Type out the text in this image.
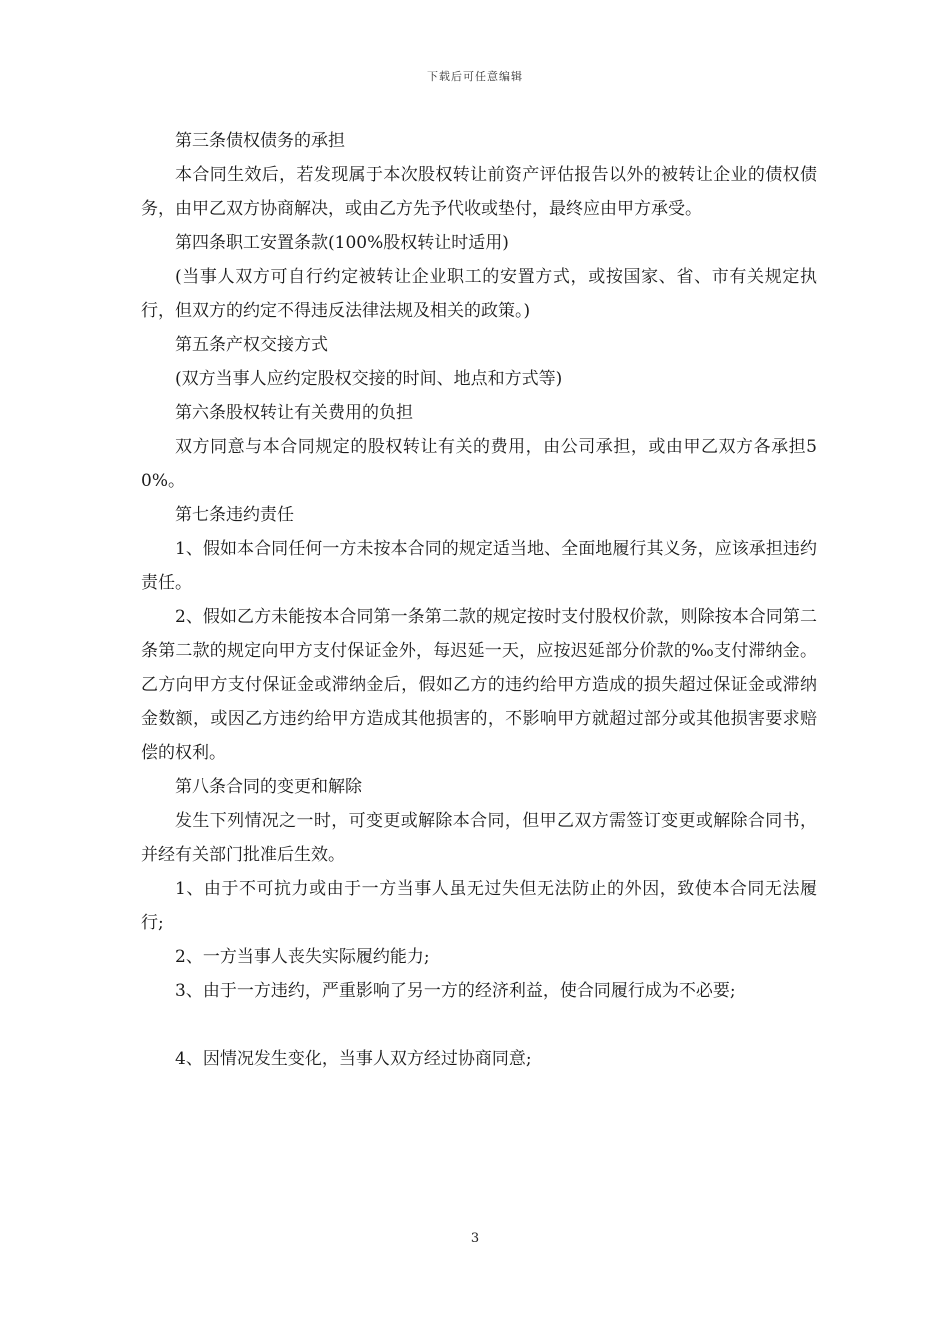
下载后可任意编辑

第三条债权债务的承担

本合同生效后，若发现属于本次股权转让前资产评估报告以外的被转让企业的债权债务，由甲乙双方协商解决，或由乙方先予代收或垫付，最终应由甲方承受。

第四条职工安置条款(100%股权转让时适用)

(当事人双方可自行约定被转让企业职工的安置方式，或按国家、省、市有关规定执行，但双方的约定不得违反法律法规及相关的政策。)

第五条产权交接方式

(双方当事人应约定股权交接的时间、地点和方式等)

第六条股权转让有关费用的负担

双方同意与本合同规定的股权转让有关的费用，由公司承担，或由甲乙双方各承担50%。

第七条违约责任

1、假如本合同任何一方未按本合同的规定适当地、全面地履行其义务，应该承担违约责任。

2、假如乙方未能按本合同第一条第二款的规定按时支付股权价款，则除按本合同第二条第二款的规定向甲方支付保证金外，每迟延一天，应按迟延部分价款的‰支付滞纳金。乙方向甲方支付保证金或滞纳金后，假如乙方的违约给甲方造成的损失超过保证金或滞纳金数额，或因乙方违约给甲方造成其他损害的，不影响甲方就超过部分或其他损害要求赔偿的权利。

第八条合同的变更和解除

发生下列情况之一时，可变更或解除本合同，但甲乙双方需签订变更或解除合同书，并经有关部门批准后生效。

1、由于不可抗力或由于一方当事人虽无过失但无法防止的外因，致使本合同无法履行;

2、一方当事人丧失实际履约能力;

3、由于一方违约，严重影响了另一方的经济利益，使合同履行成为不必要;

4、因情况发生变化，当事人双方经过协商同意;

3
